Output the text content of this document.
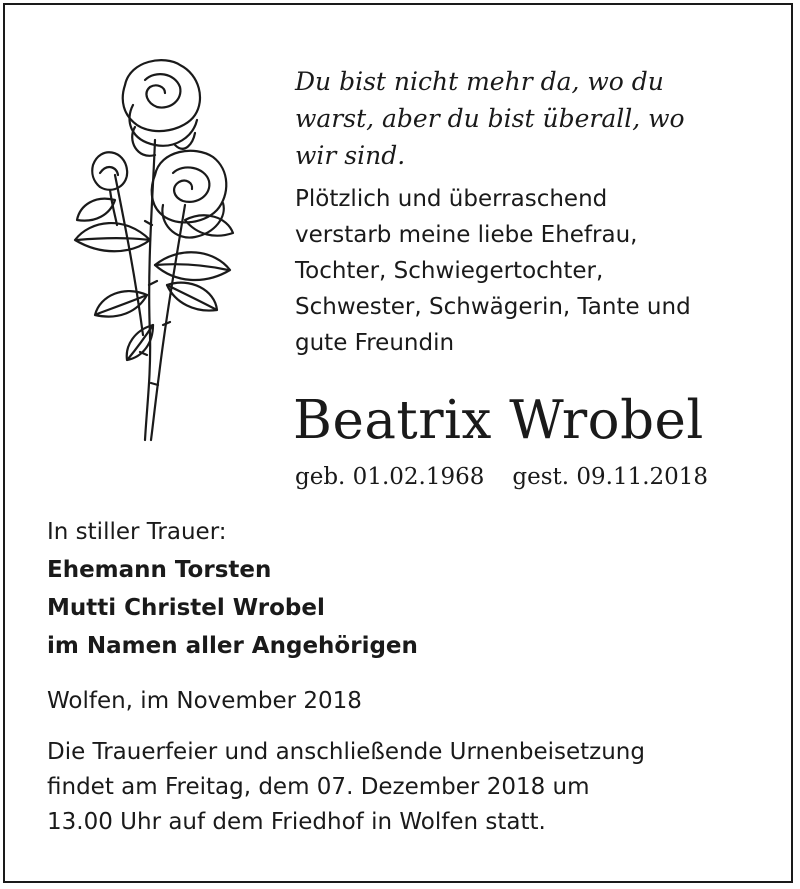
Du bist nicht mehr da, wo du
warst, aber du bist überall, wo
wir sind.

Plötzlich und überraschend
verstarb meine liebe Ehefrau,
Tochter, Schwiegertochter,
Schwester, Schwägerin, Tante und
gute Freundin

Beatrix Wrobel

geb. 01.02.1968 gest. 09.11.2018

In stiller Trauer:
Ehemann Torsten
Mutti Christel Wrobel
im Namen aller Angehörigen

Wolfen, im November 2018

Die Trauerfeier und anschließende Urnenbeisetzung
findet am Freitag, dem 07. Dezember 2018 um
13.00 Uhr auf dem Friedhof in Wolfen statt.
